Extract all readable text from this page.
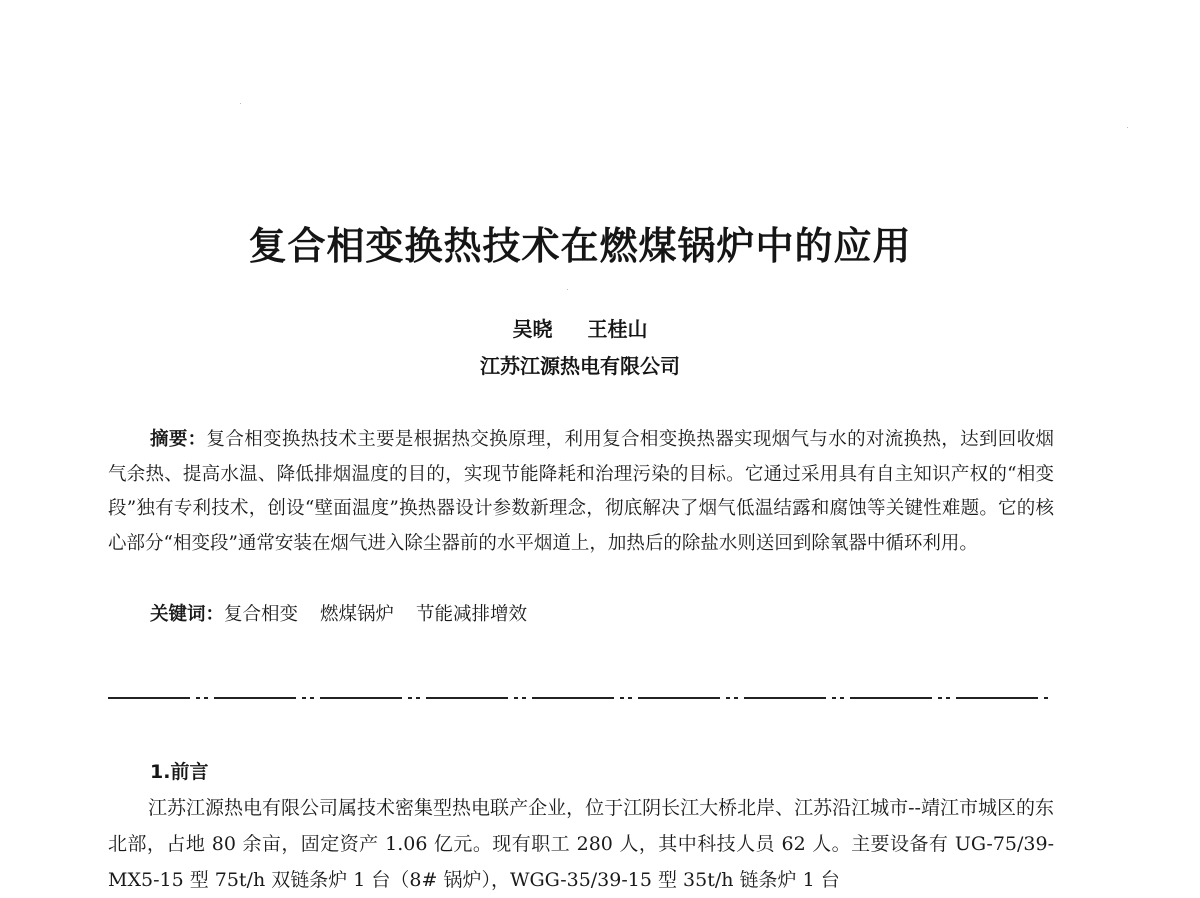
复合相变换热技术在燃煤锅炉中的应用
吴晓 王桂山
江苏江源热电有限公司

摘要：复合相变换热技术主要是根据热交换原理，利用复合相变换热器实现烟气与水的对流换热，达到回收烟气余热、提高水温、降低排烟温度的目的，实现节能降耗和治理污染的目标。它通过采用具有自主知识产权的“相变段”独有专利技术，创设“壁面温度”换热器设计参数新理念，彻底解决了烟气低温结露和腐蚀等关键性难题。它的核心部分“相变段”通常安装在烟气进入除尘器前的水平烟道上，加热后的除盐水则送回到除氧器中循环利用。

关键词：复合相变 燃煤锅炉 节能减排增效
1.前言

江苏江源热电有限公司属技术密集型热电联产企业，位于江阴长江大桥北岸、江苏沿江城市--靖江市城区的东北部，占地 80 余亩，固定资产 1.06 亿元。现有职工 280 人，其中科技人员 62 人。主要设备有 UG-75/39-MX5-15 型 75t/h 双链条炉 1 台（8# 锅炉），WGG-35/39-15 型 35t/h 链条炉 1 台
